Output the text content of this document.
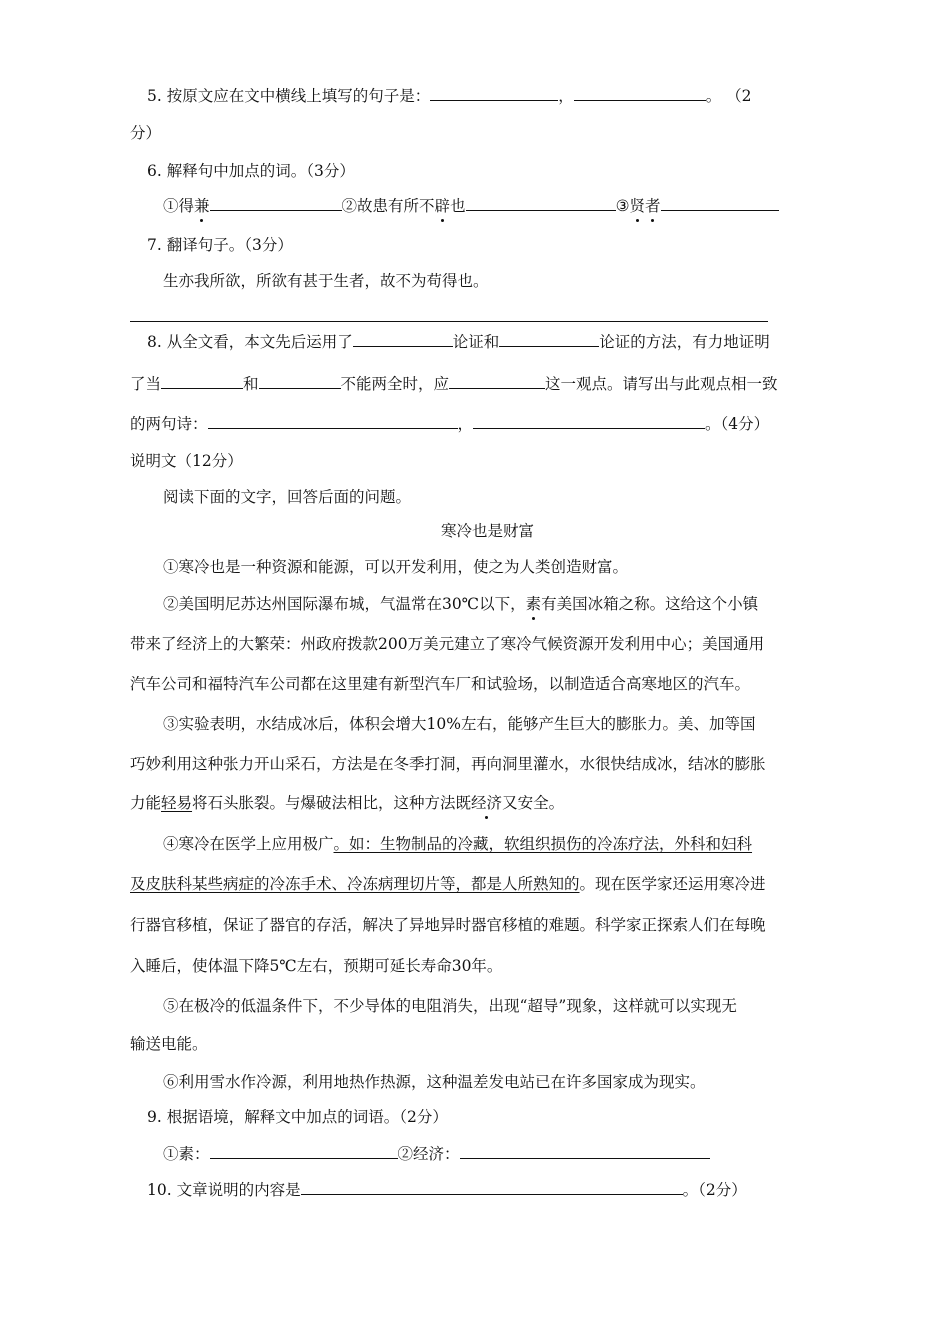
5. 按原文应在文中横线上填写的句子是：	，	。 （2
分）
6. 解释句中加点的词。（3分）
①得兼	②故患有所不辟也	③贤者
7. 翻译句子。（3分）
生亦我所欲，所欲有甚于生者，故不为苟得也。
8. 从全文看，本文先后运用了	论证和	论证的方法，有力地证明
了当	和	不能两全时，应	这一观点。请写出与此观点相一致
的两句诗：	，	。（4分）
说明文（12分）
阅读下面的文字，回答后面的问题。
寒冷也是财富
①寒冷也是一种资源和能源，可以开发利用，使之为人类创造财富。
②美国明尼苏达州国际瀑布城，气温常在30℃以下，素有美国冰箱之称。这给这个小镇
带来了经济上的大繁荣：州政府拨款200万美元建立了寒冷气候资源开发利用中心；美国通用
汽车公司和福特汽车公司都在这里建有新型汽车厂和试验场，以制造适合高寒地区的汽车。
③实验表明，水结成冰后，体积会增大10%左右，能够产生巨大的膨胀力。美、加等国
巧妙利用这种张力开山采石，方法是在冬季打洞，再向洞里灌水，水很快结成冰，结冰的膨胀
力能轻易将石头胀裂。与爆破法相比，这种方法既经济又安全。
④寒冷在医学上应用极广。如：生物制品的冷藏，软组织损伤的冷冻疗法，外科和妇科
及皮肤科某些病症的冷冻手术、冷冻病理切片等，都是人所熟知的。现在医学家还运用寒冷进
行器官移植，保证了器官的存活，解决了异地异时器官移植的难题。科学家正探索人们在每晚
入睡后，使体温下降5℃左右，预期可延长寿命30年。
⑤在极冷的低温条件下，不少导体的电阻消失，出现“超导”现象，这样就可以实现无
输送电能。
⑥利用雪水作冷源，利用地热作热源，这种温差发电站已在许多国家成为现实。
9. 根据语境，解释文中加点的词语。（2分）
①素：	②经济：
10. 文章说明的内容是	。（2分）
